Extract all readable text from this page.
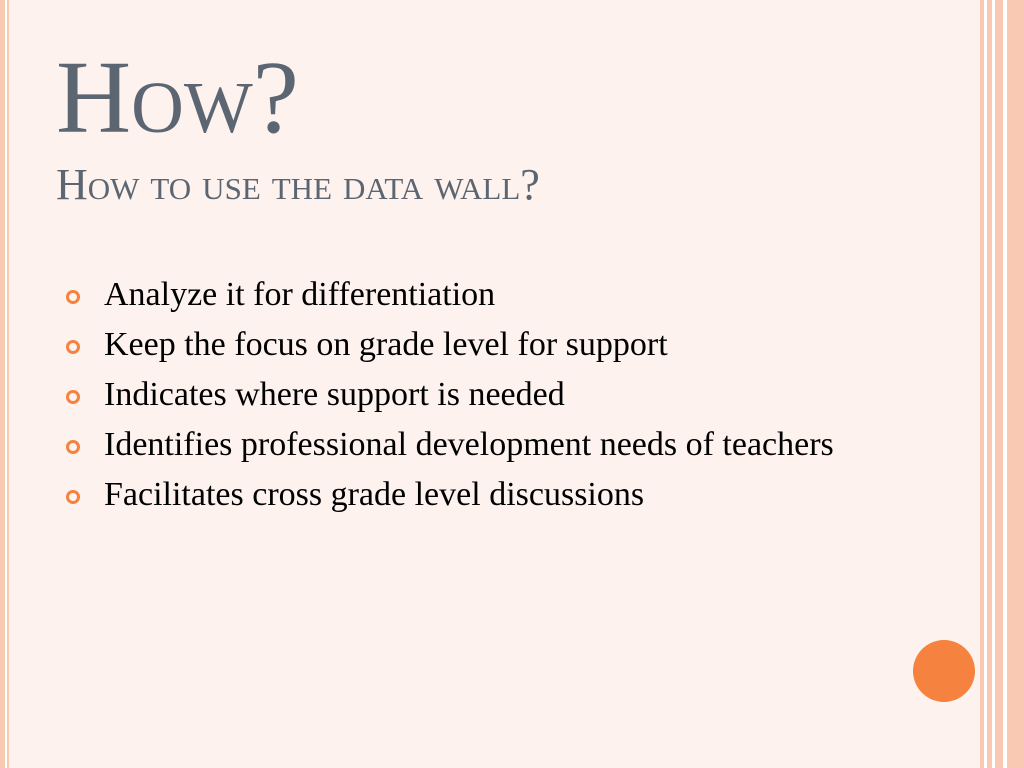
How?
How to use the data wall?
Analyze it for differentiation
Keep the focus on grade level for support
Indicates where support is needed
Identifies professional development needs of teachers
Facilitates cross grade level discussions
